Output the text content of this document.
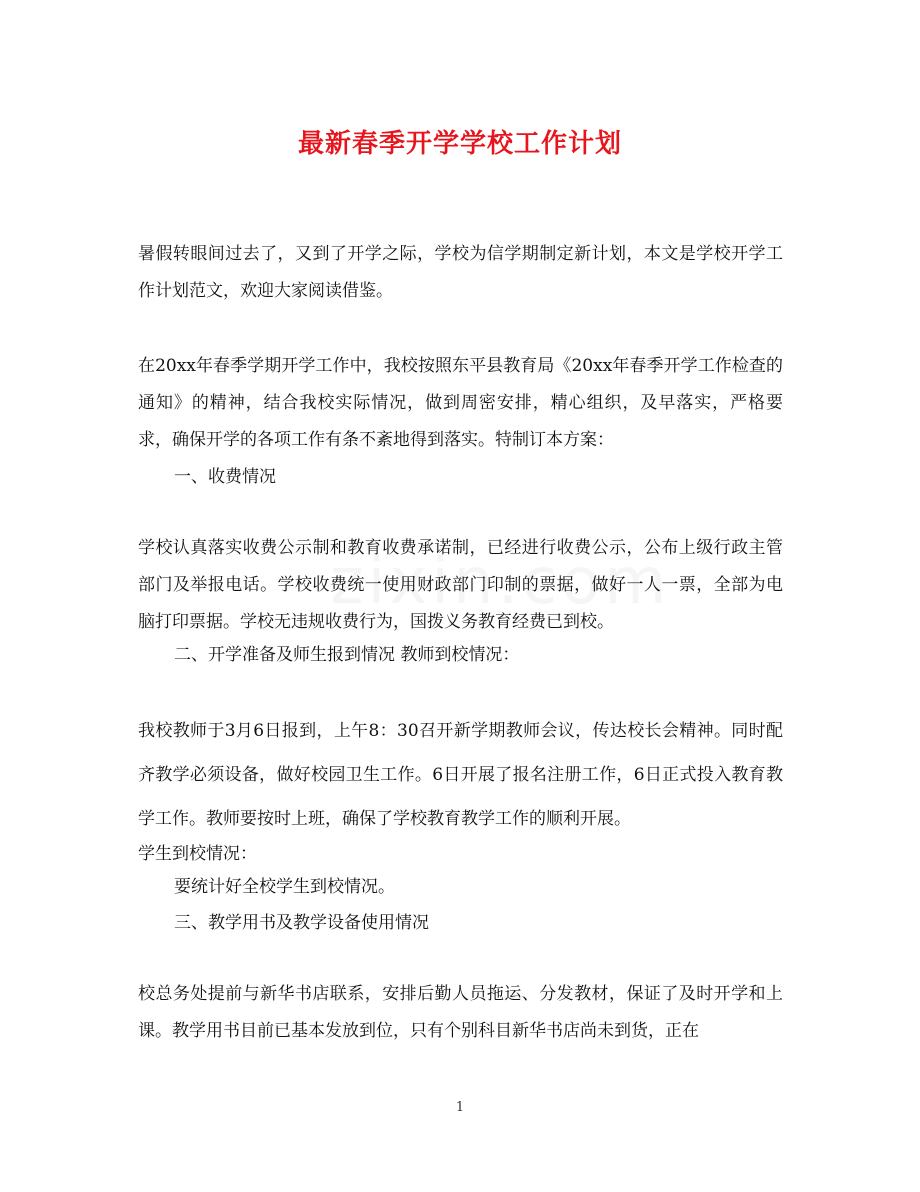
最新春季开学学校工作计划
暑假转眼间过去了，又到了开学之际，学校为信学期制定新计划，本文是学校开学工作计划范文，欢迎大家阅读借鉴。
在20xx年春季学期开学工作中，我校按照东平县教育局《20xx年春季开学工作检查的通知》的精神，结合我校实际情况，做到周密安排，精心组织，及早落实，严格要求，确保开学的各项工作有条不紊地得到落实。特制订本方案：
一、收费情况
学校认真落实收费公示制和教育收费承诺制，已经进行收费公示，公布上级行政主管部门及举报电话。学校收费统一使用财政部门印制的票据，做好一人一票，全部为电脑打印票据。学校无违规收费行为，国拨义务教育经费已到校。
二、开学准备及师生报到情况 教师到校情况：
我校教师于3月6日报到，上午8：30召开新学期教师会议，传达校长会精神。同时配齐教学必须设备，做好校园卫生工作。6日开展了报名注册工作，6日正式投入教育教学工作。教师要按时上班，确保了学校教育教学工作的顺利开展。
学生到校情况：
要统计好全校学生到校情况。
三、教学用书及教学设备使用情况
校总务处提前与新华书店联系，安排后勤人员拖运、分发教材，保证了及时开学和上课。教学用书目前已基本发放到位，只有个别科目新华书店尚未到货，正在
1
